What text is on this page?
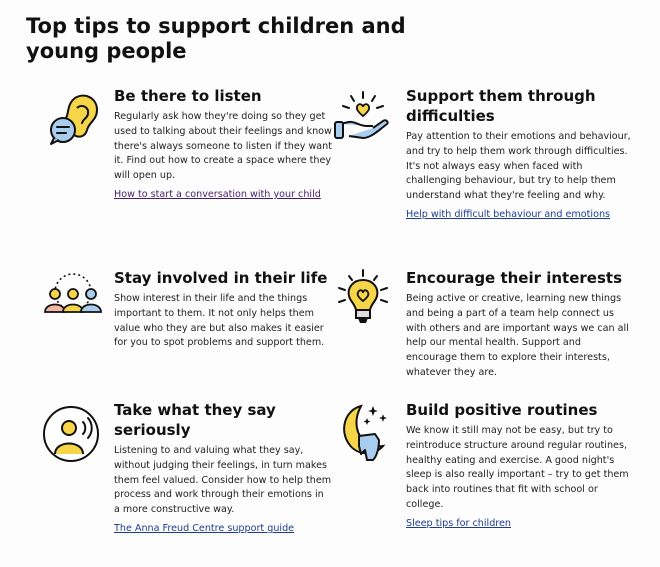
Top tips to support children and young people
Be there to listen

Regularly ask how they're doing so they get used to talking about their feelings and know there's always someone to listen if they want it. Find out how to create a space where they will open up.

How to start a conversation with your child
Support them through difficulties

Pay attention to their emotions and behaviour, and try to help them work through difficulties. It's not always easy when faced with challenging behaviour, but try to help them understand what they're feeling and why.

Help with difficult behaviour and emotions
Stay involved in their life

Show interest in their life and the things important to them. It not only helps them value who they are but also makes it easier for you to spot problems and support them.

Encourage their interests

Being active or creative, learning new things and being a part of a team help connect us with others and are important ways we can all help our mental health. Support and encourage them to explore their interests, whatever they are.

Take what they say seriously

Listening to and valuing what they say, without judging their feelings, in turn makes them feel valued. Consider how to help them process and work through their emotions in a more constructive way.

The Anna Freud Centre support guide
Build positive routines

We know it still may not be easy, but try to reintroduce structure around regular routines, healthy eating and exercise. A good night's sleep is also really important – try to get them back into routines that fit with school or college.

Sleep tips for children
